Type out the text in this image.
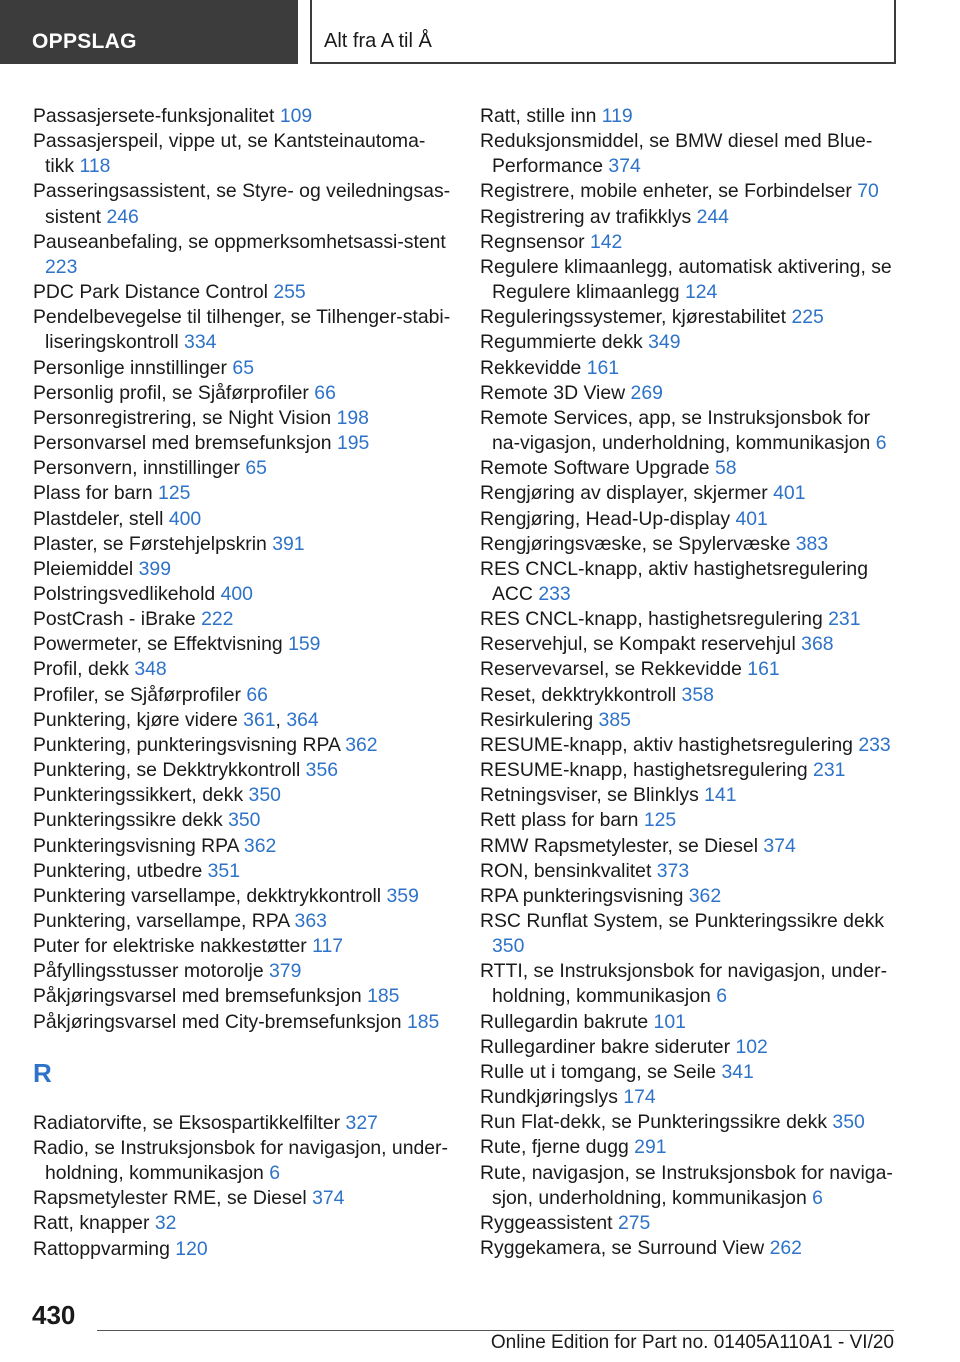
OPPSLAG	Alt fra A til Å
Passasjersete-funksjonalitet 109
Passasjerspeil, vippe ut, se Kantsteinautoma-tikk 118
Passeringsassistent, se Styre- og veiledningsas-sistent 246
Pauseanbefaling, se oppmerksomhetsassi-stent 223
PDC Park Distance Control 255
Pendelbevegelse til tilhenger, se Tilhenger-stabi-liseringskontroll 334
Personlige innstillinger 65
Personlig profil, se Sjåførprofiler 66
Personregistrering, se Night Vision 198
Personvarsel med bremsefunksjon 195
Personvern, innstillinger 65
Plass for barn 125
Plastdeler, stell 400
Plaster, se Førstehjelpskrin 391
Pleiemiddel 399
Polstringsvedlikehold 400
PostCrash - iBrake 222
Powermeter, se Effektvisning 159
Profil, dekk 348
Profiler, se Sjåførprofiler 66
Punktering, kjøre videre 361, 364
Punktering, punkteringsvisning RPA 362
Punktering, se Dekktrykkontroll 356
Punkteringssikkert, dekk 350
Punkteringssikre dekk 350
Punkteringsvisning RPA 362
Punktering, utbedre 351
Punktering varsellampe, dekktrykkontroll 359
Punktering, varsellampe, RPA 363
Puter for elektriske nakkestøtter 117
Påfyllingsstusser motorolje 379
Påkjøringsvarsel med bremsefunksjon 185
Påkjøringsvarsel med City-bremsefunksjon 185
R
Radiatorvifte, se Eksospartikkelfilter 327
Radio, se Instruksjonsbok for navigasjon, under-holdning, kommunikasjon 6
Rapsmetylester RME, se Diesel 374
Ratt, knapper 32
Rattoppvarming 120
Ratt, stille inn 119
Reduksjonsmiddel, se BMW diesel med Blue-Performance 374
Registrere, mobile enheter, se Forbindelser 70
Registrering av trafikklys 244
Regnsensor 142
Regulere klimaanlegg, automatisk aktivering, se Regulere klimaanlegg 124
Reguleringssystemer, kjørestabilitet 225
Regummierte dekk 349
Rekkevidde 161
Remote 3D View 269
Remote Services, app, se Instruksjonsbok for na-vigasjon, underholdning, kommunikasjon 6
Remote Software Upgrade 58
Rengjøring av displayer, skjermer 401
Rengjøring, Head-Up-display 401
Rengjøringsvæske, se Spylervæske 383
RES CNCL-knapp, aktiv hastighetsregulering ACC 233
RES CNCL-knapp, hastighetsregulering 231
Reservehjul, se Kompakt reservehjul 368
Reservevarsel, se Rekkevidde 161
Reset, dekktrykkontroll 358
Resirkulering 385
RESUME-knapp, aktiv hastighetsregulering 233
RESUME-knapp, hastighetsregulering 231
Retningsviser, se Blinklys 141
Rett plass for barn 125
RMW Rapsmetylester, se Diesel 374
RON, bensinkvalitet 373
RPA punkteringsvisning 362
RSC Runflat System, se Punkteringssikre dekk 350
RTTI, se Instruksjonsbok for navigasjon, under-holdning, kommunikasjon 6
Rullegardin bakrute 101
Rullegardiner bakre sideruter 102
Rulle ut i tomgang, se Seile 341
Rundkjøringslys 174
Run Flat-dekk, se Punkteringssikre dekk 350
Rute, fjerne dugg 291
Rute, navigasjon, se Instruksjonsbok for naviga-sjon, underholdning, kommunikasjon 6
Ryggeassistent 275
Ryggekamera, se Surround View 262
430
Online Edition for Part no. 01405A110A1 - VI/20
